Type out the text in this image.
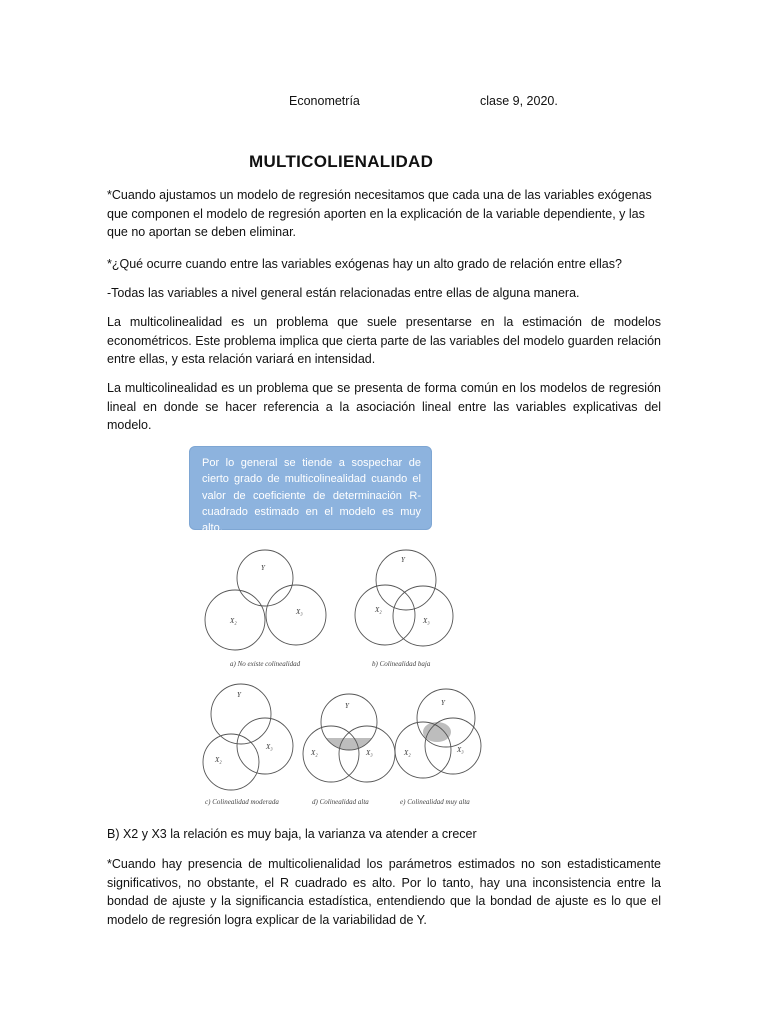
Econometría	clase 9, 2020.
MULTICOLIENALIDAD
*Cuando ajustamos un modelo de regresión necesitamos que cada una de las variables exógenas que componen el modelo de regresión aporten en la explicación de la variable dependiente, y las que no aportan se deben eliminar.
*¿Qué ocurre cuando entre las variables exógenas hay un alto grado de relación entre ellas?
-Todas las variables a nivel general están relacionadas entre ellas de alguna manera.
La multicolinealidad es un problema que suele presentarse en la estimación de modelos econométricos. Este problema implica que cierta parte de las variables del modelo guarden relación entre ellas, y esta relación variará en intensidad.
La multicolinealidad es un problema que se presenta de forma común en los modelos de regresión lineal en donde se hacer referencia a la asociación lineal entre las variables explicativas del modelo.
Por lo general se tiende a sospechar de cierto grado de multicolinealidad cuando el valor de coeficiente de determinación R-cuadrado estimado en el modelo es muy alto.
Y
X₂
X₃
a) No existe colinealidad
Y
X₂
X₃
b) Colinealidad baja
Y
X₂
X₃
c) Colinealidad moderada
Y
X₂	X₃
d) Colinealidad alta
Y
X₂	X₃
e) Colinealidad muy alta
B) X2 y X3 la relación es muy baja, la varianza va atender a crecer
*Cuando hay presencia de multicolienalidad los parámetros estimados no son estadisticamente significativos, no obstante, el R cuadrado es alto. Por lo tanto, hay una inconsistencia entre la bondad de ajuste y la significancia estadística, entendiendo que la bondad de ajuste es lo que el modelo de regresión logra explicar de la variabilidad de Y.
